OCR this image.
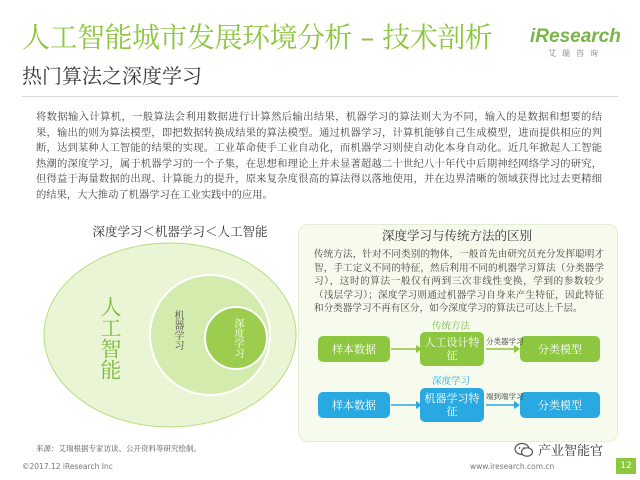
人工智能城市发展环境分析 – 技术剖析
热门算法之深度学习
iResearch
艾瑞咨询
将数据输入计算机，一般算法会利用数据进行计算然后输出结果，机器学习的算法则大为不同，输入的是数据和想要的结果，输出的则为算法模型，即把数据转换成结果的算法模型。通过机器学习，计算机能够自己生成模型，进而提供相应的判断，达到某种人工智能的结果的实现。工业革命使手工业自动化，而机器学习则使自动化本身自动化。近几年掀起人工智能热潮的深度学习，属于机器学习的一个子集，在思想和理论上并未显著超越二十世纪八十年代中后期神经网络学习的研究，但得益于海量数据的出现、计算能力的提升，原来复杂度很高的算法得以落地使用，并在边界清晰的领域获得比过去更精细的结果，大大推动了机器学习在工业实践中的应用。
深度学习＜机器学习＜人工智能
人工智能	机器学习	深度学习
深度学习与传统方法的区别
传统方法，针对不同类别的物体，一般首先由研究员充分发挥聪明才智，手工定义不同的特征，然后利用不同的机器学习算法（分类器学习），这时的算法一般仅有两到三次非线性变换，学到的参数较少（浅层学习）；深度学习则通过机器学习自身来产生特征，因此特征和分类器学习不再有区分，如今深度学习的算法已可达上千层。
传统方法
样本数据	人工设计特征	分类模型
分类器学习
深度学习
样本数据	机器学习特征	分类模型
端到端学习
来源：艾瑞根据专家访谈、公开资料等研究绘制。
©2017.12 iResearch Inc	www.iresearch.com.cn
产业智能官
12
